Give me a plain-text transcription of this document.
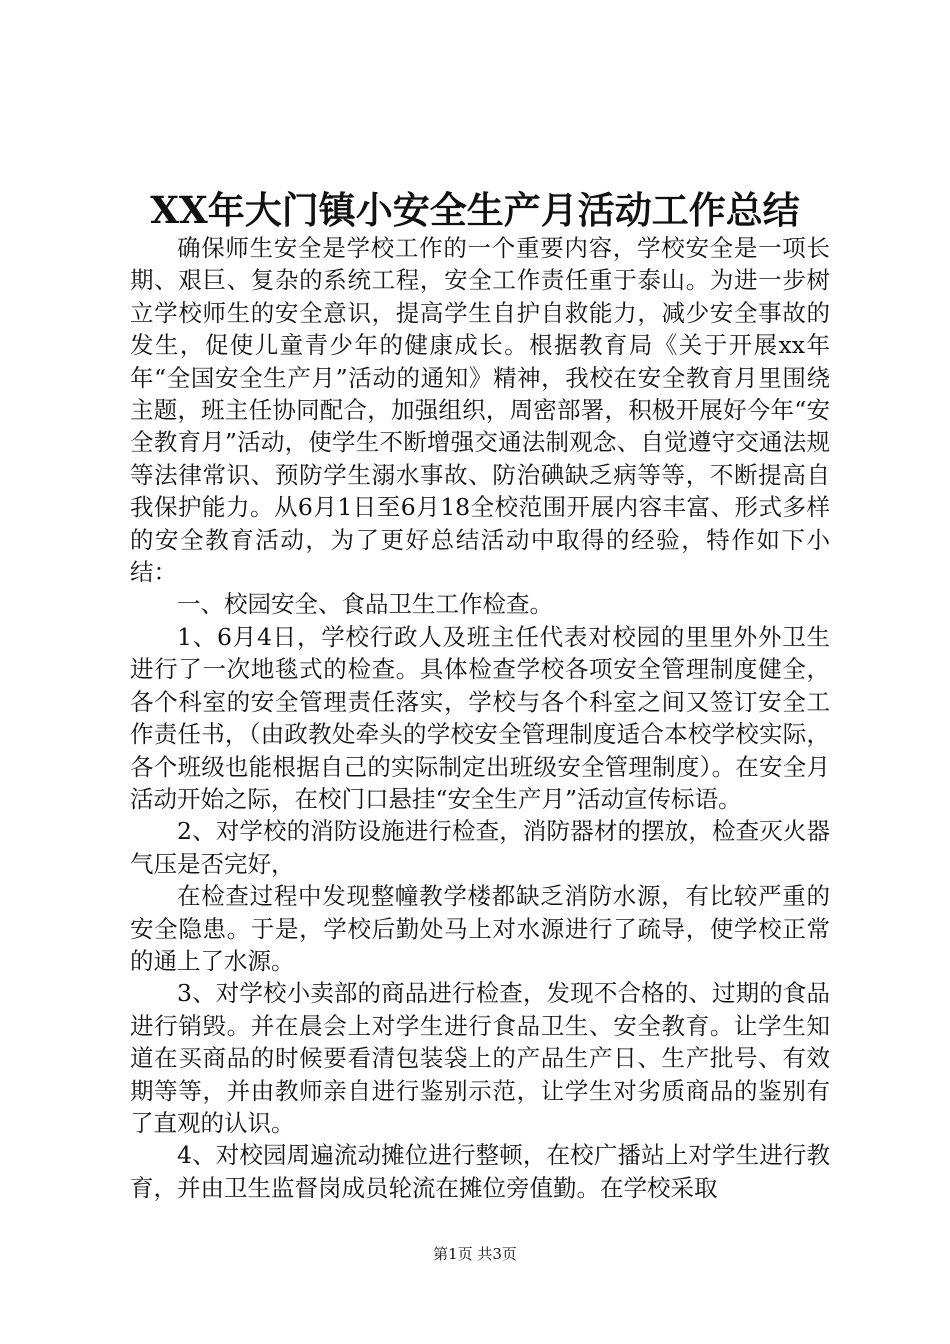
XX年大门镇小安全生产月活动工作总结

确保师生安全是学校工作的一个重要内容，学校安全是一项长期、艰巨、复杂的系统工程，安全工作责任重于泰山。为进一步树立学校师生的安全意识，提高学生自护自救能力，减少安全事故的发生，促使儿童青少年的健康成长。根据教育局《关于开展xx年年“全国安全生产月”活动的通知》精神，我校在安全教育月里围绕主题，班主任协同配合，加强组织，周密部署，积极开展好今年“安全教育月”活动，使学生不断增强交通法制观念、自觉遵守交通法规等法律常识、预防学生溺水事故、防治碘缺乏病等等，不断提高自我保护能力。从6月1日至6月18全校范围开展内容丰富、形式多样的安全教育活动，为了更好总结活动中取得的经验，特作如下小结：

一、校园安全、食品卫生工作检查。

1、6月4日，学校行政人及班主任代表对校园的里里外外卫生进行了一次地毯式的检查。具体检查学校各项安全管理制度健全，各个科室的安全管理责任落实，学校与各个科室之间又签订安全工作责任书，（由政教处牵头的学校安全管理制度适合本校学校实际，各个班级也能根据自己的实际制定出班级安全管理制度）。在安全月活动开始之际，在校门口悬挂“安全生产月”活动宣传标语。

2、对学校的消防设施进行检查，消防器材的摆放，检查灭火器气压是否完好，

在检查过程中发现整幢教学楼都缺乏消防水源，有比较严重的安全隐患。于是，学校后勤处马上对水源进行了疏导，使学校正常的通上了水源。

3、对学校小卖部的商品进行检查，发现不合格的、过期的食品进行销毁。并在晨会上对学生进行食品卫生、安全教育。让学生知道在买商品的时候要看清包装袋上的产品生产日、生产批号、有效期等等，并由教师亲自进行鉴别示范，让学生对劣质商品的鉴别有了直观的认识。

4、对校园周遍流动摊位进行整顿，在校广播站上对学生进行教育，并由卫生监督岗成员轮流在摊位旁值勤。在学校采取

第1页 共3页
